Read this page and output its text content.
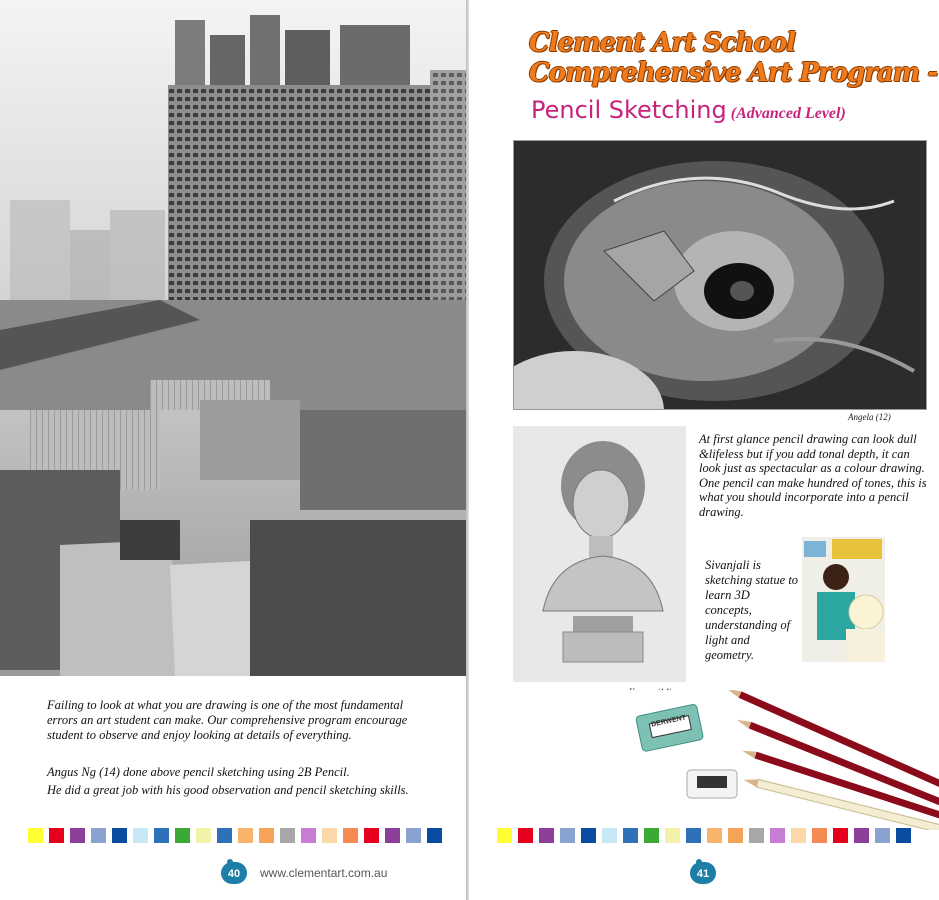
Failing to look at what you are drawing is one of the most fundamental errors an art student can make. Our comprehensive program encourage student to observe and enjoy looking at details of everything.
Angus Ng (14) done above pencil sketching using 2B Pencil.
He did a great job with his good observation and pencil sketching skills.
40	www.clementart.com.au
Clement Art School
Comprehensive Art Program -
Pencil Sketching (Advanced Level)
Angela (12)
At first glance pencil drawing can look dull &lifeless but if you add tonal depth, it can look just as spectacular as a colour drawing. One pencil can make hundred of tones, this is what you should incorporate into a pencil drawing.
Sivanjali is sketching statue to learn 3D concepts, understanding of light and geometry.
DERWENT
41
